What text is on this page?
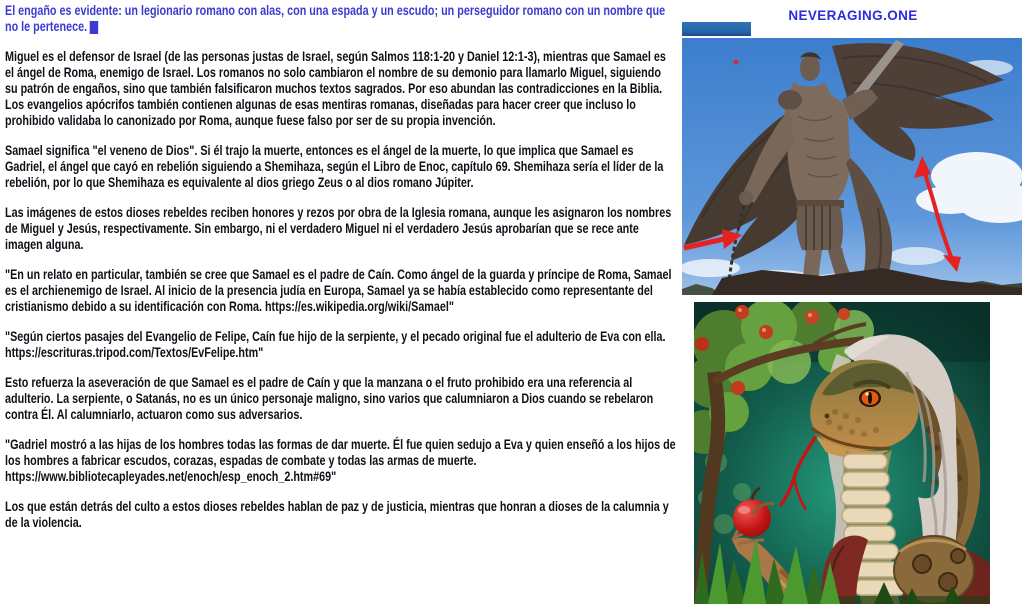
El engaño es evidente: un legionario romano con alas, con una espada y un escudo; un perseguidor romano con un nombre que no le pertenece.

Miguel es el defensor de Israel (de las personas justas de Israel, según Salmos 118:1-20 y Daniel 12:1-3), mientras que Samael es el ángel de Roma, enemigo de Israel. Los romanos no solo cambiaron el nombre de su demonio para llamarlo Miguel, siguiendo su patrón de engaños, sino que también falsificaron muchos textos sagrados. Por eso abundan las contradicciones en la Biblia. Los evangelios apócrifos también contienen algunas de esas mentiras romanas, diseñadas para hacer creer que incluso lo prohibido validaba lo canonizado por Roma, aunque fuese falso por ser de su propia invención.

Samael significa "el veneno de Dios". Si él trajo la muerte, entonces es el ángel de la muerte, lo que implica que Samael es Gadriel, el ángel que cayó en rebelión siguiendo a Shemihaza, según el Libro de Enoc, capítulo 69. Shemihaza sería el líder de la rebelión, por lo que Shemihaza es equivalente al dios griego Zeus o al dios romano Júpiter.

Las imágenes de estos dioses rebeldes reciben honores y rezos por obra de la Iglesia romana, aunque les asignaron los nombres de Miguel y Jesús, respectivamente. Sin embargo, ni el verdadero Miguel ni el verdadero Jesús aprobarían que se rece ante imagen alguna.

"En un relato en particular, también se cree que Samael es el padre de Caín. Como ángel de la guarda y príncipe de Roma, Samael es el archienemigo de Israel. Al inicio de la presencia judía en Europa, Samael ya se había establecido como representante del cristianismo debido a su identificación con Roma. https://es.wikipedia.org/wiki/Samael"

"Según ciertos pasajes del Evangelio de Felipe, Caín fue hijo de la serpiente, y el pecado original fue el adulterio de Eva con ella. https://escrituras.tripod.com/Textos/EvFelipe.htm"

Esto refuerza la aseveración de que Samael es el padre de Caín y que la manzana o el fruto prohibido era una referencia al adulterio. La serpiente, o Satanás, no es un único personaje maligno, sino varios que calumniaron a Dios cuando se rebelaron contra Él. Al calumniarlo, actuaron como sus adversarios.

"Gadriel mostró a las hijas de los hombres todas las formas de dar muerte. Él fue quien sedujo a Eva y quien enseñó a los hijos de los hombres a fabricar escudos, corazas, espadas de combate y todas las armas de muerte. https://www.bibliotecapleyades.net/enoch/esp_enoch_2.htm#69"

Los que están detrás del culto a estos dioses rebeldes hablan de paz y de justicia, mientras que honran a dioses de la calumnia y de la violencia.

NEVERAGING.ONE
